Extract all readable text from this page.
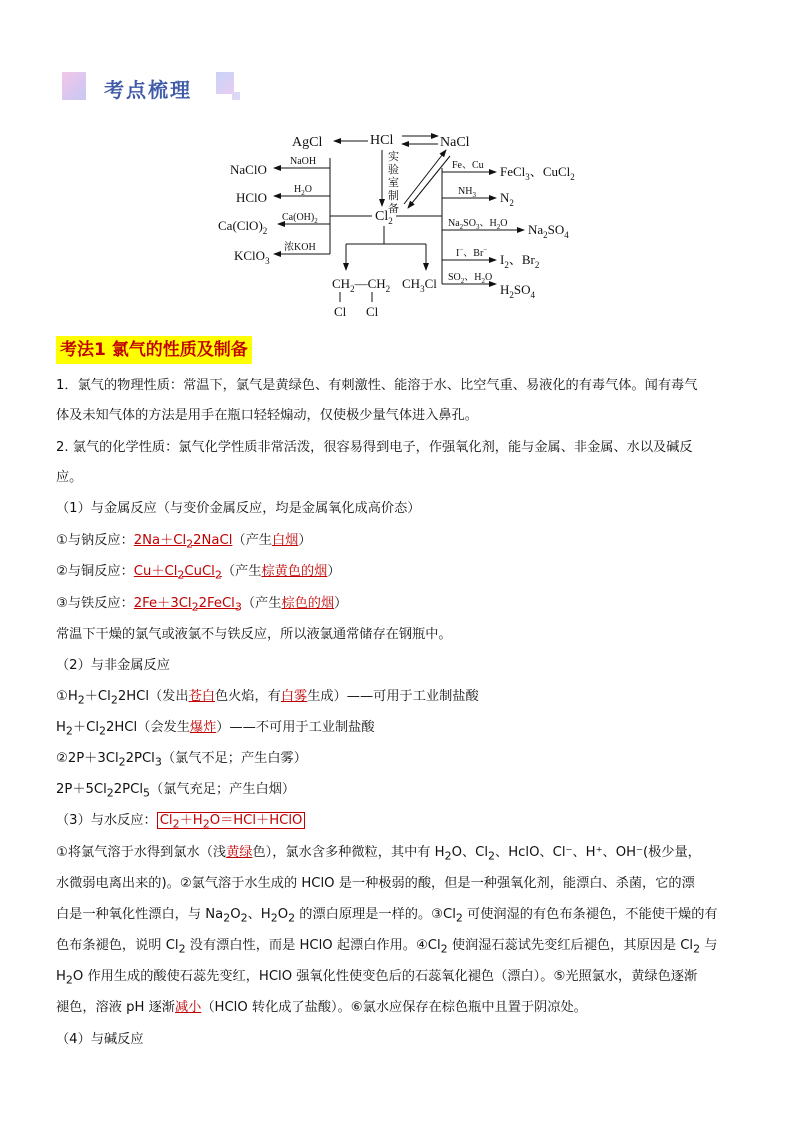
考点梳理
AgCl	HCl	NaCl
实
验
室
制
备
$Cl_2$
NaClO
HClO
$Ca(ClO)_2$
KClO$_3$
NaOH
$H_2O$
$Ca(OH)_2$
浓KOH
Fe、Cu
$NH_3$
$Na_2SO_3$、$H_2O$
I−、Br−
$SO_2$、$H_2O$
FeCl$_3$、CuCl$_2$
$N_2$
$Na_2SO_4$
$I_2$、$Br_2$
$H_2SO_4$
$CH_2—CH_2$
Cl Cl
$CH_3Cl$
考法1 氯气的性质及制备
1．氯气的物理性质：常温下，氯气是黄绿色、有刺激性、能溶于水、比空气重、易液化的有毒气体。闻有毒气
体及未知气体的方法是用手在瓶口轻轻煽动，仅使极少量气体进入鼻孔。
2. 氯气的化学性质：氯气化学性质非常活泼，很容易得到电子，作强氧化剂，能与金属、非金属、水以及碱反
应。
（1）与金属反应（与变价金属反应，均是金属氧化成高价态）
①与钠反应：$2Na+Cl_22NaCl$（产生白烟）
②与铜反应：$Cu+Cl_2CuCl_2$（产生棕黄色的烟）
③与铁反应：$2Fe+3Cl_22FeCl_3$（产生棕色的烟）
常温下干燥的氯气或液氯不与铁反应，所以液氯通常储存在钢瓶中。
（2）与非金属反应
$①H_2+Cl_22HCl$（发出苍白色火焰，有白雾生成）——可用于工业制盐酸
$H_2+Cl_22HCl$（会发生爆炸）——不可用于工业制盐酸
$②2P+3Cl_22PCl_3$（氯气不足；产生白雾）
$2P+5Cl_22PCl_5$（氯气充足；产生白烟）
（3）与水反应： $Cl_2+H_2O=HCl+HClO$
①将氯气溶于水得到氯水（浅黄绿色），氯水含多种微粒，其中有 $H_2O$、$Cl_2$、HclO、Cl⁻、H⁺、OH⁻(极少量，
水微弱电离出来的)。②氯气溶于水生成的 HClO 是一种极弱的酸，但是一种强氧化剂，能漂白、杀菌，它的漂
白是一种氧化性漂白，与 $Na_2O_2$、$H_2O_2$ 的漂白原理是一样的。$③Cl_2$ 可使润湿的有色布条褪色，不能使干燥的有
色布条褪色，说明 $Cl_2$ 没有漂白性，而是 HClO 起漂白作用。$④Cl_2$ 使润湿石蕊试先变红后褪色，其原因是 $Cl_2$ 与
$H_2O$ 作用生成的酸使石蕊先变红，HClO 强氧化性使变色后的石蕊氧化褪色（漂白）。⑤光照氯水，黄绿色逐渐
褪色，溶液 pH 逐渐减小（HClO 转化成了盐酸）。⑥氯水应保存在棕色瓶中且置于阴凉处。
（4）与碱反应
